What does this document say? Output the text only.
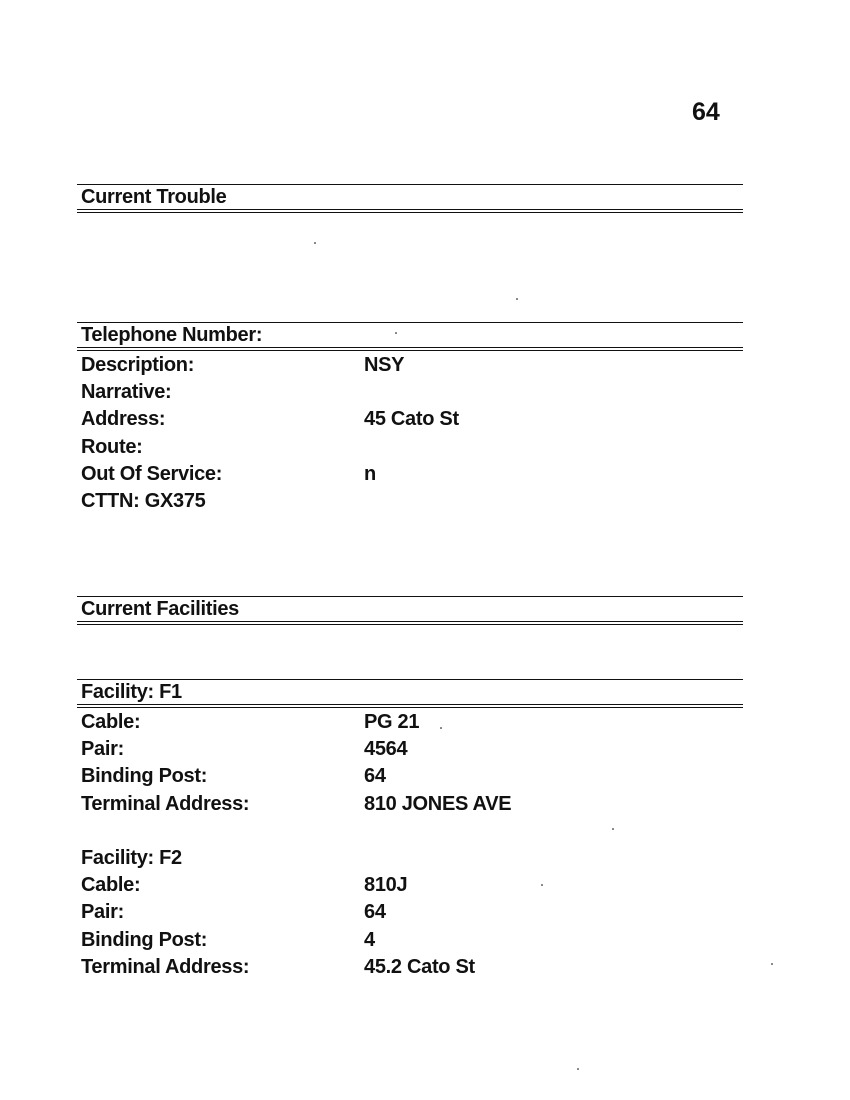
64
Current Trouble
Telephone Number:
Description:	NSY
Narrative:
Address:	45 Cato St
Route:
Out Of Service:	n
CTTN: GX375
Current Facilities
Facility: F1
Cable:	PG 21
Pair:	4564
Binding Post:	64
Terminal Address:	810 JONES AVE
Facility: F2
Cable:	810J
Pair:	64
Binding Post:	4
Terminal Address:	45.2 Cato St
